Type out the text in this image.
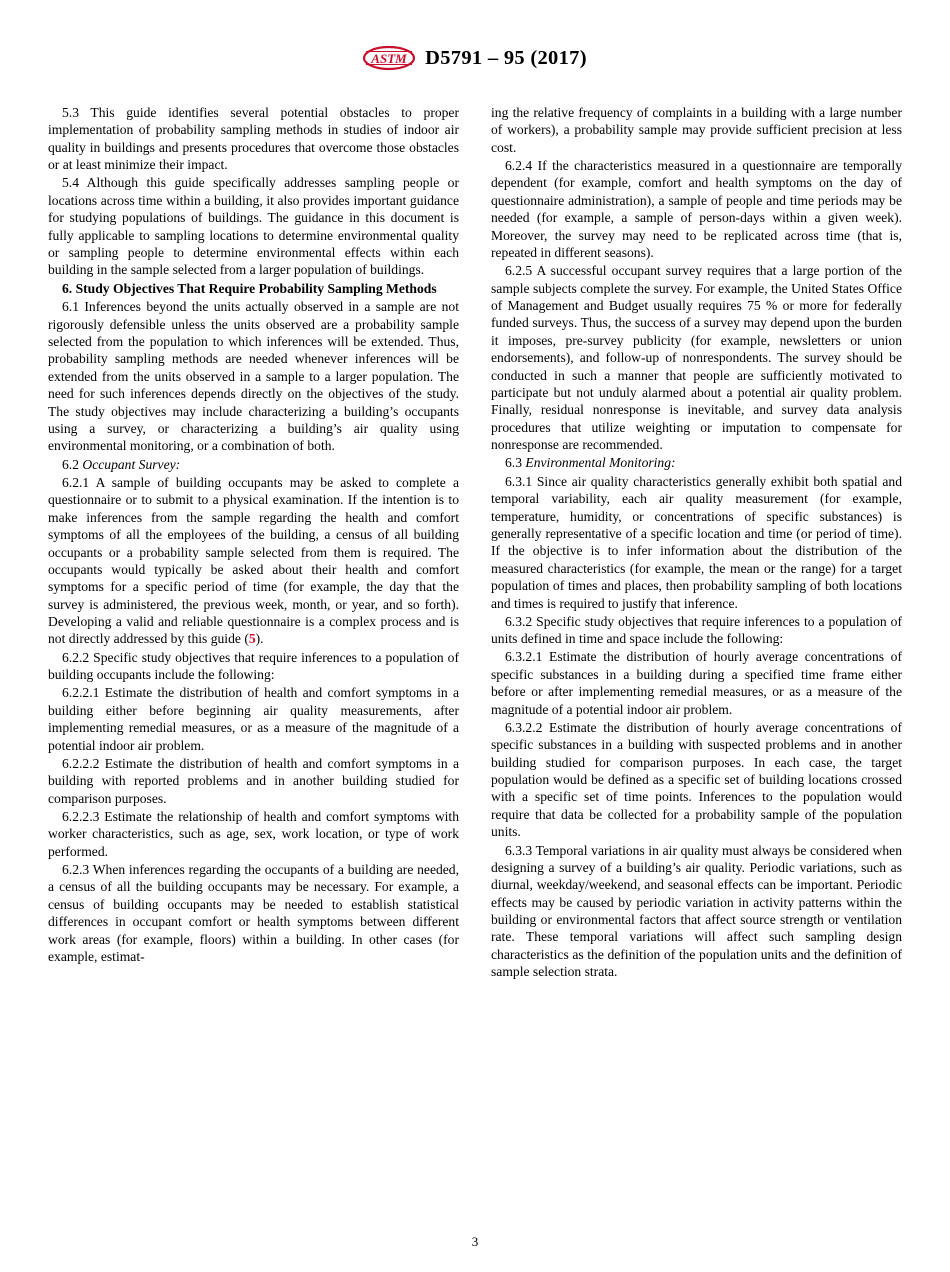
ASTM D5791 – 95 (2017)

5.3 This guide identifies several potential obstacles to proper implementation of probability sampling methods in studies of indoor air quality in buildings and presents procedures that overcome those obstacles or at least minimize their impact.

5.4 Although this guide specifically addresses sampling people or locations across time within a building, it also provides important guidance for studying populations of buildings. The guidance in this document is fully applicable to sampling locations to determine environmental quality or sampling people to determine environmental effects within each building in the sample selected from a larger population of buildings.

6. Study Objectives That Require Probability Sampling Methods

6.1 Inferences beyond the units actually observed in a sample are not rigorously defensible unless the units observed are a probability sample selected from the population to which inferences will be extended. Thus, probability sampling methods are needed whenever inferences will be extended from the units observed in a sample to a larger population. The need for such inferences depends directly on the objectives of the study. The study objectives may include characterizing a building’s occupants using a survey, or characterizing a building’s air quality using environmental monitoring, or a combination of both.

6.2 Occupant Survey:

6.2.1 A sample of building occupants may be asked to complete a questionnaire or to submit to a physical examination. If the intention is to make inferences from the sample regarding the health and comfort symptoms of all the employees of the building, a census of all building occupants or a probability sample selected from them is required. The occupants would typically be asked about their health and comfort symptoms for a specific period of time (for example, the day that the survey is administered, the previous week, month, or year, and so forth). Developing a valid and reliable questionnaire is a complex process and is not directly addressed by this guide (5).

6.2.2 Specific study objectives that require inferences to a population of building occupants include the following:

6.2.2.1 Estimate the distribution of health and comfort symptoms in a building either before beginning air quality measurements, after implementing remedial measures, or as a measure of the magnitude of a potential indoor air problem.

6.2.2.2 Estimate the distribution of health and comfort symptoms in a building with reported problems and in another building studied for comparison purposes.

6.2.2.3 Estimate the relationship of health and comfort symptoms with worker characteristics, such as age, sex, work location, or type of work performed.

6.2.3 When inferences regarding the occupants of a building are needed, a census of all the building occupants may be necessary. For example, a census of building occupants may be needed to establish statistical differences in occupant comfort or health symptoms between different work areas (for example, floors) within a building. In other cases (for example, estimat-

ing the relative frequency of complaints in a building with a large number of workers), a probability sample may provide sufficient precision at less cost.

6.2.4 If the characteristics measured in a questionnaire are temporally dependent (for example, comfort and health symptoms on the day of questionnaire administration), a sample of people and time periods may be needed (for example, a sample of person-days within a given week). Moreover, the survey may need to be replicated across time (that is, repeated in different seasons).

6.2.5 A successful occupant survey requires that a large portion of the sample subjects complete the survey. For example, the United States Office of Management and Budget usually requires 75 % or more for federally funded surveys. Thus, the success of a survey may depend upon the burden it imposes, pre-survey publicity (for example, newsletters or union endorsements), and follow-up of nonrespondents. The survey should be conducted in such a manner that people are sufficiently motivated to participate but not unduly alarmed about a potential air quality problem. Finally, residual nonresponse is inevitable, and survey data analysis procedures that utilize weighting or imputation to compensate for nonresponse are recommended.

6.3 Environmental Monitoring:

6.3.1 Since air quality characteristics generally exhibit both spatial and temporal variability, each air quality measurement (for example, temperature, humidity, or concentrations of specific substances) is generally representative of a specific location and time (or period of time). If the objective is to infer information about the distribution of the measured characteristics (for example, the mean or the range) for a target population of times and places, then probability sampling of both locations and times is required to justify that inference.

6.3.2 Specific study objectives that require inferences to a population of units defined in time and space include the following:

6.3.2.1 Estimate the distribution of hourly average concentrations of specific substances in a building during a specified time frame either before or after implementing remedial measures, or as a measure of the magnitude of a potential indoor air problem.

6.3.2.2 Estimate the distribution of hourly average concentrations of specific substances in a building with suspected problems and in another building studied for comparison purposes. In each case, the target population would be defined as a specific set of building locations crossed with a specific set of time points. Inferences to the population would require that data be collected for a probability sample of the population units.

6.3.3 Temporal variations in air quality must always be considered when designing a survey of a building’s air quality. Periodic variations, such as diurnal, weekday/weekend, and seasonal effects can be important. Periodic effects may be caused by periodic variation in activity patterns within the building or environmental factors that affect source strength or ventilation rate. These temporal variations will affect such sampling design characteristics as the definition of the population units and the definition of sample selection strata.

3
